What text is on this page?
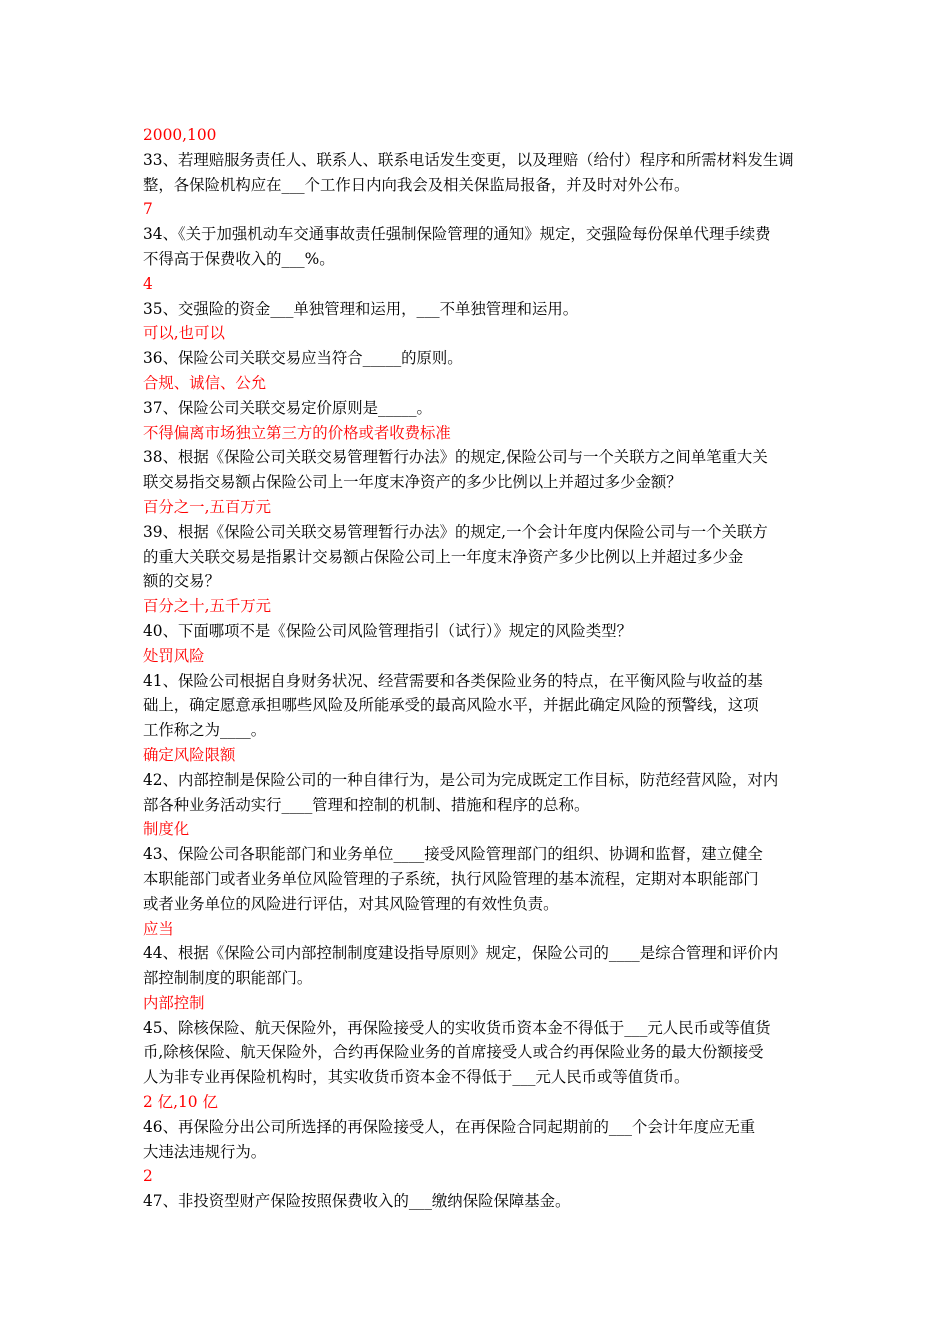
2000,100
33、若理赔服务责任人、联系人、联系电话发生变更，以及理赔（给付）程序和所需材料发生调
整，各保险机构应在___个工作日内向我会及相关保监局报备，并及时对外公布。
7
34、《关于加强机动车交通事故责任强制保险管理的通知》规定，交强险每份保单代理手续费
不得高于保费收入的___%。
4
35、交强险的资金___单独管理和运用，___不单独管理和运用。
可以,也可以
36、保险公司关联交易应当符合_____的原则。
合规、诚信、公允
37、保险公司关联交易定价原则是_____。
不得偏离市场独立第三方的价格或者收费标准
38、根据《保险公司关联交易管理暂行办法》的规定,保险公司与一个关联方之间单笔重大关
联交易指交易额占保险公司上一年度末净资产的多少比例以上并超过多少金额？
百分之一,五百万元
39、根据《保险公司关联交易管理暂行办法》的规定,一个会计年度内保险公司与一个关联方
的重大关联交易是指累计交易额占保险公司上一年度末净资产多少比例以上并超过多少金
额的交易？
百分之十,五千万元
40、下面哪项不是《保险公司风险管理指引（试行）》规定的风险类型？
处罚风险
41、保险公司根据自身财务状况、经营需要和各类保险业务的特点，在平衡风险与收益的基
础上，确定愿意承担哪些风险及所能承受的最高风险水平，并据此确定风险的预警线，这项
工作称之为____。
确定风险限额
42、内部控制是保险公司的一种自律行为，是公司为完成既定工作目标，防范经营风险，对内
部各种业务活动实行____管理和控制的机制、措施和程序的总称。
制度化
43、保险公司各职能部门和业务单位____接受风险管理部门的组织、协调和监督，建立健全
本职能部门或者业务单位风险管理的子系统，执行风险管理的基本流程，定期对本职能部门
或者业务单位的风险进行评估，对其风险管理的有效性负责。
应当
44、根据《保险公司内部控制制度建设指导原则》规定，保险公司的____是综合管理和评价内
部控制制度的职能部门。
内部控制
45、除核保险、航天保险外，再保险接受人的实收货币资本金不得低于___元人民币或等值货
币,除核保险、航天保险外，合约再保险业务的首席接受人或合约再保险业务的最大份额接受
人为非专业再保险机构时，其实收货币资本金不得低于___元人民币或等值货币。
2 亿,10 亿
46、再保险分出公司所选择的再保险接受人，在再保险合同起期前的___个会计年度应无重
大违法违规行为。
2
47、非投资型财产保险按照保费收入的___缴纳保险保障基金。
